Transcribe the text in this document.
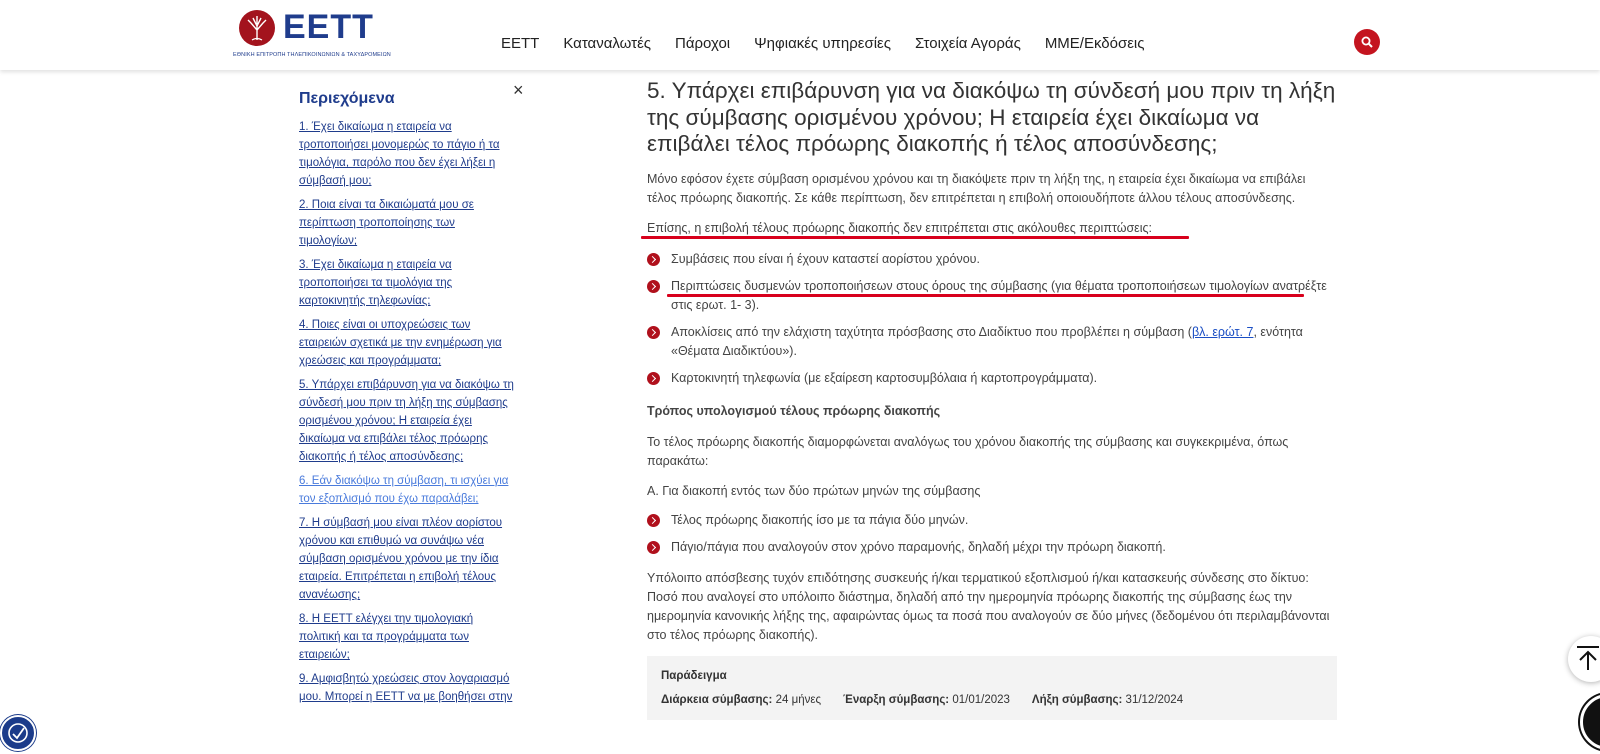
EETT
ΕΘΝΙΚΗ ΕΠΙΤΡΟΠΗ ΤΗΛΕΠΙΚΟΙΝΩΝΙΩΝ & ΤΑΧΥΔΡΟΜΕΙΩΝ
ΕΕΤΤ Καταναλωτές Πάροχοι Ψηφιακές υπηρεσίες Στοιχεία Αγοράς ΜΜΕ/Εκδόσεις
×
Περιεχόμενα
1. Έχει δικαίωμα η εταιρεία να τροποποιήσει μονομερώς το πάγιο ή τα τιμολόγια, παρόλο που δεν έχει λήξει η σύμβασή μου;
2. Ποια είναι τα δικαιώματά μου σε περίπτωση τροποποίησης των τιμολογίων;
3. Έχει δικαίωμα η εταιρεία να τροποποιήσει τα τιμολόγια της καρτοκινητής τηλεφωνίας;
4. Ποιες είναι οι υποχρεώσεις των εταιρειών σχετικά με την ενημέρωση για χρεώσεις και προγράμματα;
5. Υπάρχει επιβάρυνση για να διακόψω τη σύνδεσή μου πριν τη λήξη της σύμβασης ορισμένου χρόνου; Η εταιρεία έχει δικαίωμα να επιβάλει τέλος πρόωρης διακοπής ή τέλος αποσύνδεσης;
6. Εάν διακόψω τη σύμβαση, τι ισχύει για τον εξοπλισμό που έχω παραλάβει;
7. Η σύμβασή μου είναι πλέον αορίστου χρόνου και επιθυμώ να συνάψω νέα σύμβαση ορισμένου χρόνου με την ίδια εταιρεία. Επιτρέπεται η επιβολή τέλους ανανέωσης;
8. Η ΕΕΤΤ ελέγχει την τιμολογιακή πολιτική και τα προγράμματα των εταιρειών;
9. Αμφισβητώ χρεώσεις στον λογαριασμό μου. Μπορεί η ΕΕΤΤ να με βοηθήσει στην
5. Υπάρχει επιβάρυνση για να διακόψω τη σύνδεσή μου πριν τη λήξη της σύμβασης ορισμένου χρόνου; Η εταιρεία έχει δικαίωμα να επιβάλει τέλος πρόωρης διακοπής ή τέλος αποσύνδεσης;

Μόνο εφόσον έχετε σύμβαση ορισμένου χρόνου και τη διακόψετε πριν τη λήξη της, η εταιρεία έχει δικαίωμα να επιβάλει τέλος πρόωρης διακοπής. Σε κάθε περίπτωση, δεν επιτρέπεται η επιβολή οποιουδήποτε άλλου τέλους αποσύνδεσης.

Επίσης, η επιβολή τέλους πρόωρης διακοπής δεν επιτρέπεται στις ακόλουθες περιπτώσεις:

Συμβάσεις που είναι ή έχουν καταστεί αορίστου χρόνου.
Περιπτώσεις δυσμενών τροποποιήσεων στους όρους της σύμβασης (για θέματα τροποποιήσεων τιμολογίων ανατρέξτε στις ερωτ. 1- 3).
Αποκλίσεις από την ελάχιστη ταχύτητα πρόσβασης στο Διαδίκτυο που προβλέπει η σύμβαση (βλ. ερώτ. 7, ενότητα «Θέματα Διαδικτύου»).
Καρτοκινητή τηλεφωνία (με εξαίρεση καρτοσυμβόλαια ή καρτοπρογράμματα).

Τρόπος υπολογισμού τέλους πρόωρης διακοπής

Το τέλος πρόωρης διακοπής διαμορφώνεται αναλόγως του χρόνου διακοπής της σύμβασης και συγκεκριμένα, όπως παρακάτω:

Α. Για διακοπή εντός των δύο πρώτων μηνών της σύμβασης

Τέλος πρόωρης διακοπής ίσο με τα πάγια δύο μηνών.
Πάγιο/πάγια που αναλογούν στον χρόνο παραμονής, δηλαδή μέχρι την πρόωρη διακοπή.

Υπόλοιπο απόσβεσης τυχόν επιδότησης συσκευής ή/και τερματικού εξοπλισμού ή/και κατασκευής σύνδεσης στο δίκτυο: Ποσό που αναλογεί στο υπόλοιπο διάστημα, δηλαδή από την ημερομηνία πρόωρης διακοπής της σύμβασης έως την ημερομηνία κανονικής λήξης της, αφαιρώντας όμως τα ποσά που αναλογούν σε δύο μήνες (δεδομένου ότι περιλαμβάνονται στο τέλος πρόωρης διακοπής).

Παράδειγμα
Διάρκεια σύμβασης: 24 μήνες Έναρξη σύμβασης: 01/01/2023 Λήξη σύμβασης: 31/12/2024
